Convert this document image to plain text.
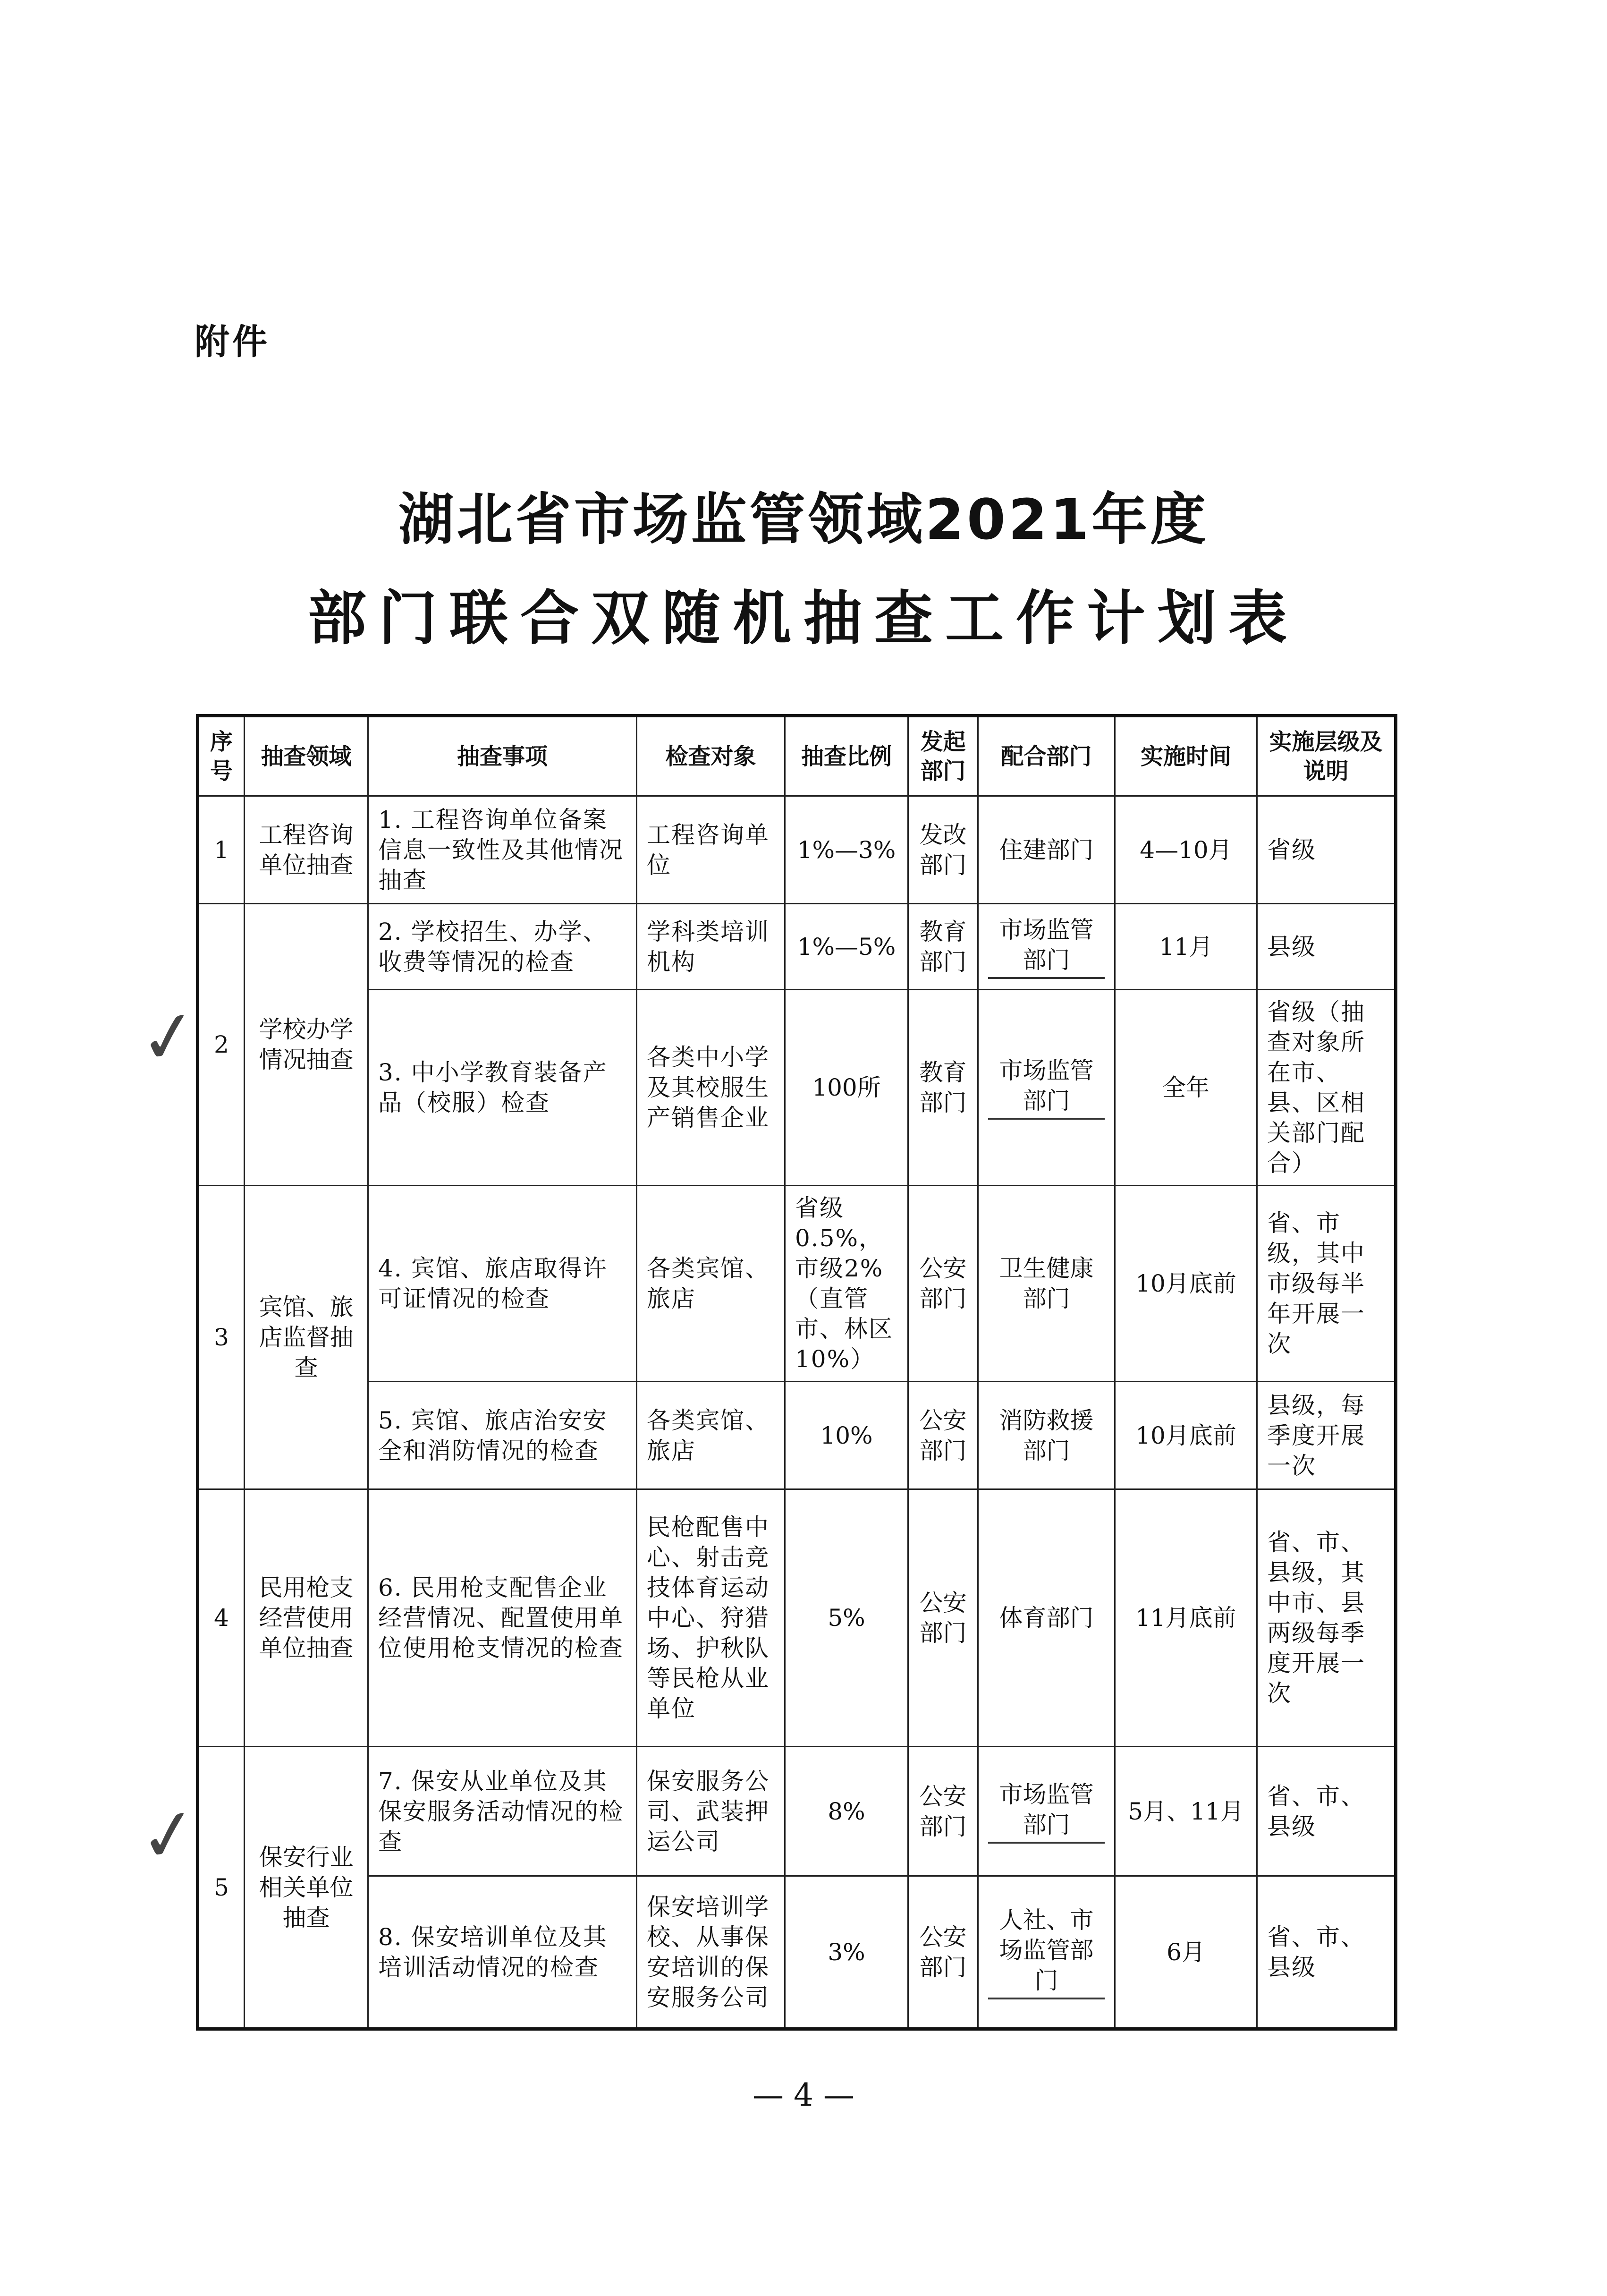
附件
湖北省市场监管领域2021年度
部门联合双随机抽查工作计划表
序号	抽查领域	抽查事项	检查对象	抽查比例	发起部门	配合部门	实施时间	实施层级及说明
1	工程咨询单位抽查	1. 工程咨询单位备案信息一致性及其他情况抽查	工程咨询单位	1%—3%	发改部门	住建部门	4—10月	省级
2	学校办学情况抽查	2. 学校招生、办学、收费等情况的检查	学科类培训机构	1%—5%	教育部门	市场监管部门	11月	县级
		3. 中小学教育装备产品（校服）检查	各类中小学及其校服生产销售企业	100所	教育部门	市场监管部门	全年	省级（抽查对象所在市、县、区相关部门配合）
3	宾馆、旅店监督抽查	4. 宾馆、旅店取得许可证情况的检查	各类宾馆、旅店	省级0.5%，市级2%（直管市、林区10%）	公安部门	卫生健康部门	10月底前	省、市级，其中市级每半年开展一次
		5. 宾馆、旅店治安安全和消防情况的检查	各类宾馆、旅店	10%	公安部门	消防救援部门	10月底前	县级，每季度开展一次
4	民用枪支经营使用单位抽查	6. 民用枪支配售企业经营情况、配置使用单位使用枪支情况的检查	民枪配售中心、射击竞技体育运动中心、狩猎场、护秋队等民枪从业单位	5%	公安部门	体育部门	11月底前	省、市、县级，其中市、县两级每季度开展一次
5	保安行业相关单位抽查	7. 保安从业单位及其保安服务活动情况的检查	保安服务公司、武装押运公司	8%	公安部门	市场监管部门	5月、11月	省、市、县级
		8. 保安培训单位及其培训活动情况的检查	保安培训学校、从事保安培训的保安服务公司	3%	公安部门	人社、市场监管部门	6月	省、市、县级
✓
✓
— 4 —
